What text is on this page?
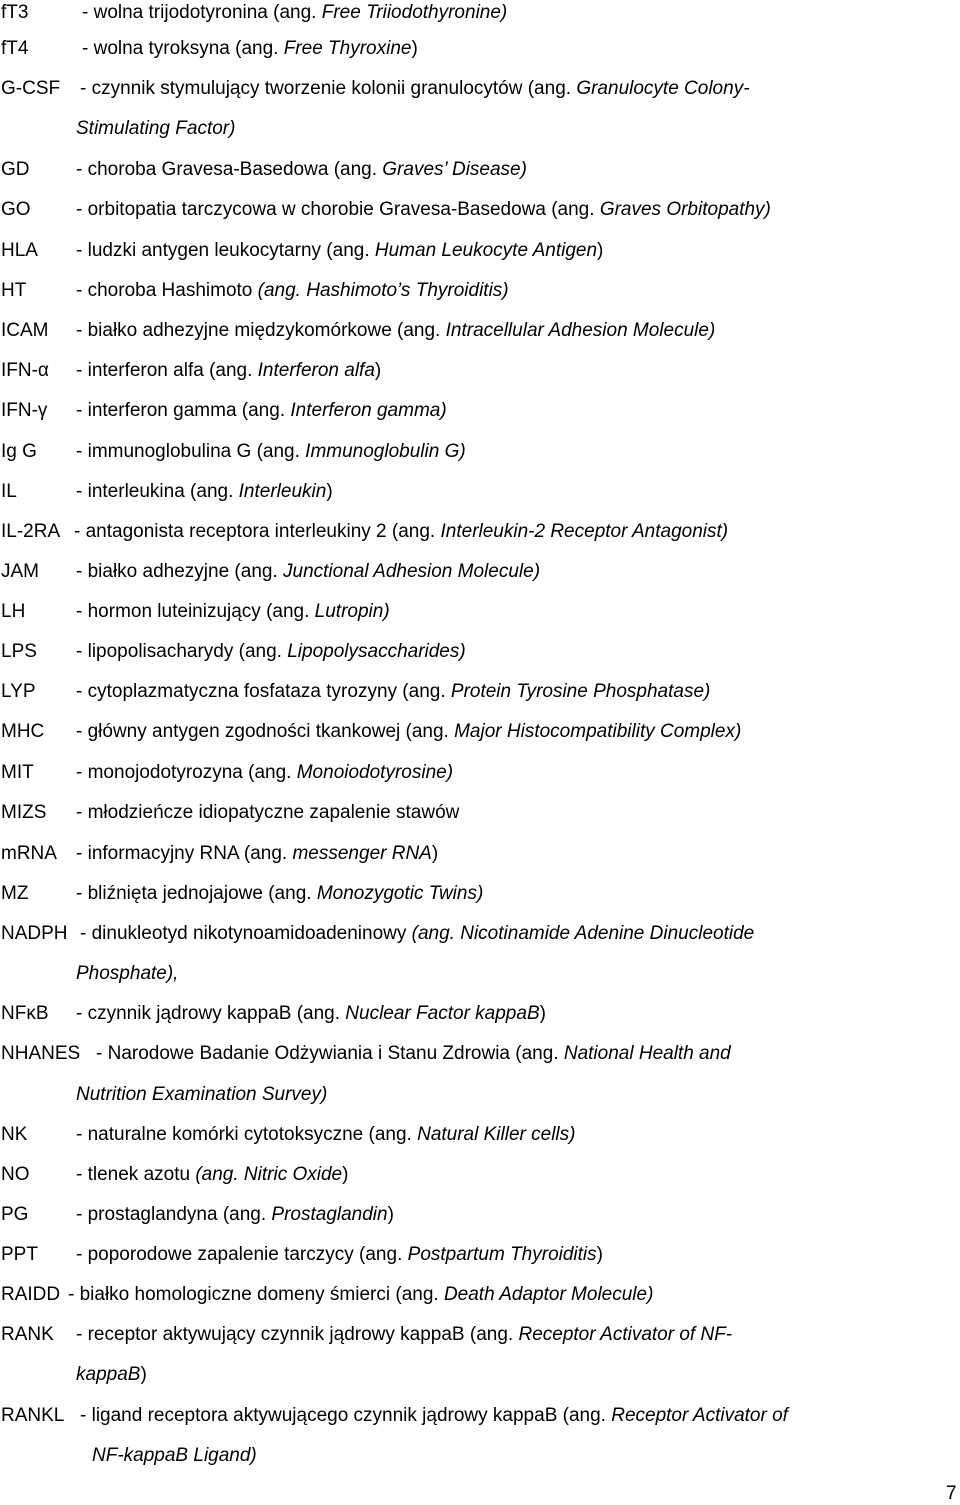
fT3	- wolna trijodotyronina (ang. Free Triiodothyronine)
fT4	- wolna tyroksyna (ang. Free Thyroxine)
G-CSF - czynnik stymulujący tworzenie kolonii granulocytów (ang. Granulocyte Colony-
Stimulating Factor)
GD - choroba Gravesa-Basedowa (ang. Graves’ Disease)
GO - orbitopatia tarczycowa w chorobie Gravesa-Basedowa (ang. Graves Orbitopathy)
HLA - ludzki antygen leukocytarny (ang. Human Leukocyte Antigen)
HT	- choroba Hashimoto (ang. Hashimoto’s Thyroiditis)
ICAM - białko adhezyjne międzykomórkowe (ang. Intracellular Adhesion Molecule)
IFN-α - interferon alfa (ang. Interferon alfa)
IFN-γ - interferon gamma (ang. Interferon gamma)
Ig G - immunoglobulina G (ang. Immunoglobulin G)
IL	- interleukina (ang. Interleukin)
IL-2RA - antagonista receptora interleukiny 2 (ang. Interleukin-2 Receptor Antagonist)
JAM - białko adhezyjne (ang. Junctional Adhesion Molecule)
LH	- hormon luteinizujący (ang. Lutropin)
LPS - lipopolisacharydy (ang. Lipopolysaccharides)
LYP - cytoplazmatyczna fosfataza tyrozyny (ang. Protein Tyrosine Phosphatase)
MHC - główny antygen zgodności tkankowej (ang. Major Histocompatibility Complex)
MIT - monojodotyrozyna (ang. Monoiodotyrosine)
MIZS - młodzieńcze idiopatyczne zapalenie stawów
mRNA - informacyjny RNA (ang. messenger RNA)
MZ	- bliźnięta jednojajowe (ang. Monozygotic Twins)
NADPH - dinukleotyd nikotynoamidoadeninowy (ang. Nicotinamide Adenine Dinucleotide
Phosphate),
NFκB - czynnik jądrowy kappaB (ang. Nuclear Factor kappaB)
NHANES - Narodowe Badanie Odżywiania i Stanu Zdrowia (ang. National Health and
Nutrition Examination Survey)
NK	- naturalne komórki cytotoksyczne (ang. Natural Killer cells)
NO - tlenek azotu (ang. Nitric Oxide)
PG	- prostaglandyna (ang. Prostaglandin)
PPT - poporodowe zapalenie tarczycy (ang. Postpartum Thyroiditis)
RAIDD - białko homologiczne domeny śmierci (ang. Death Adaptor Molecule)
RANK - receptor aktywujący czynnik jądrowy kappaB (ang. Receptor Activator of NF-
kappaB)
RANKL - ligand receptora aktywującego czynnik jądrowy kappaB (ang. Receptor Activator of
NF-kappaB Ligand)
7
